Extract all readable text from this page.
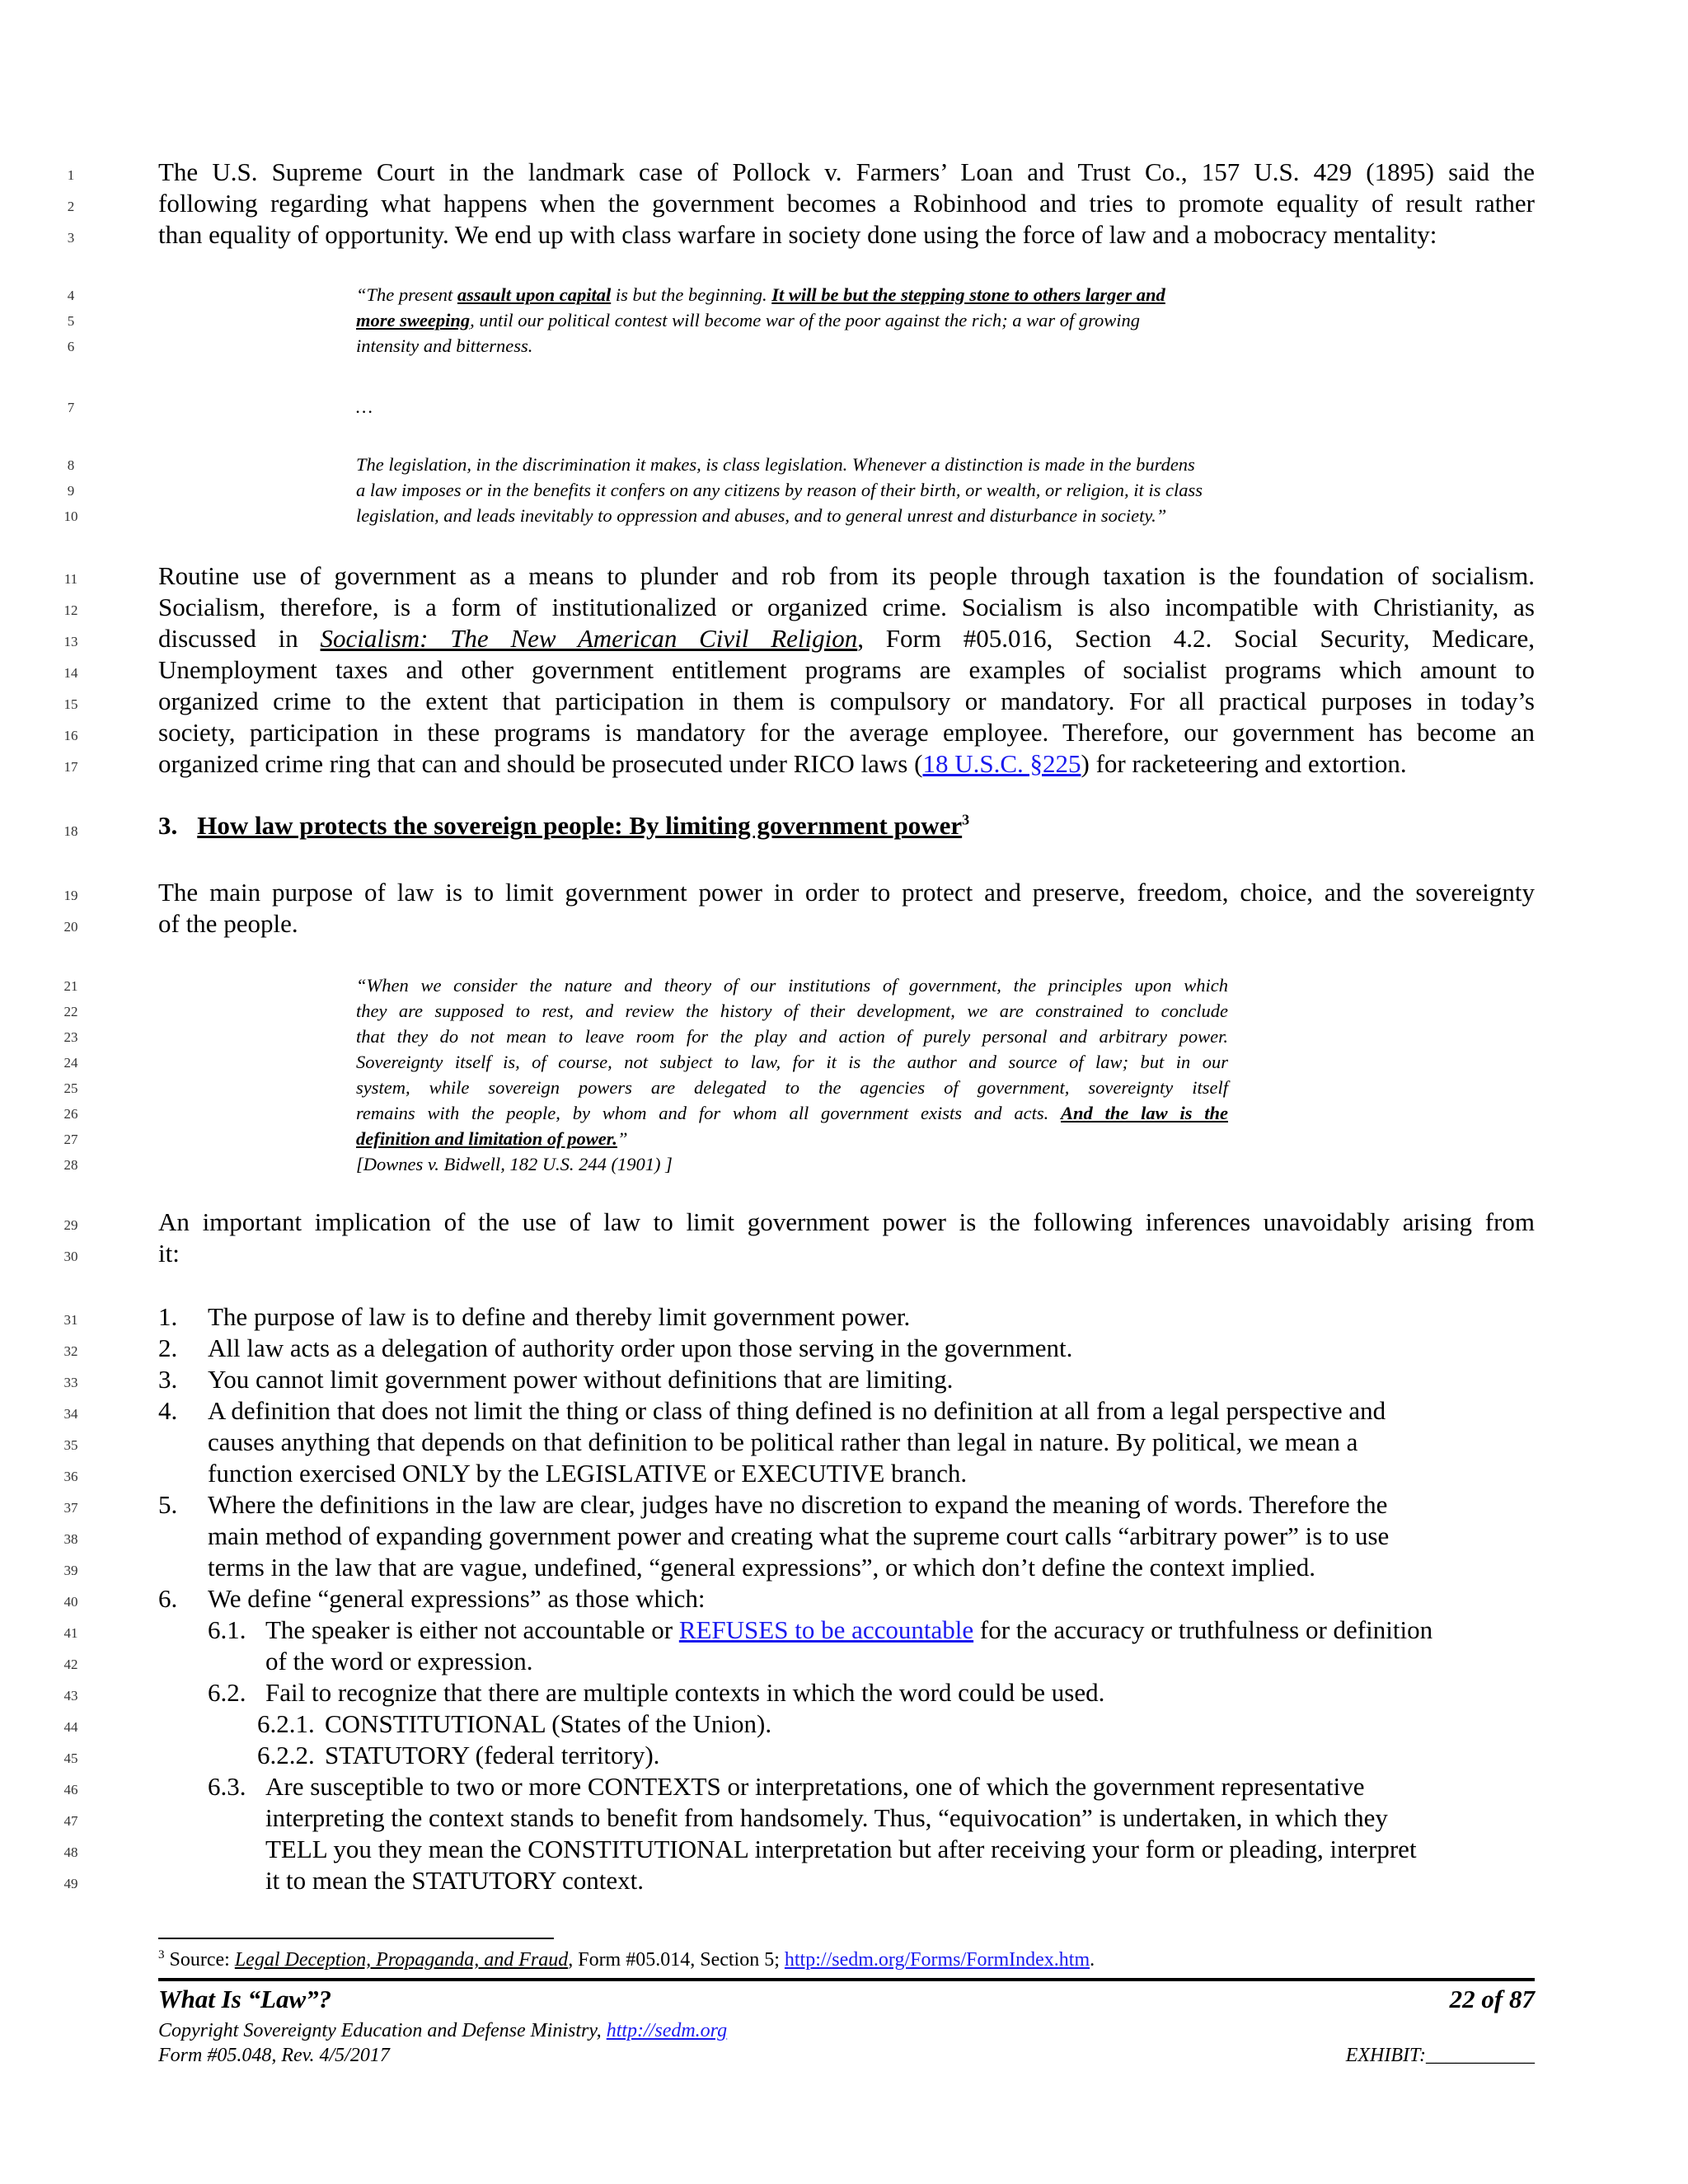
1
2
3
4
5
6
7
8
9
10
11
12
13
14
15
16
17
18
19
20
21
22
23
24
25
26
27
28
29
30
31
32
33
34
35
36
37
38
39
40
41
42
43
44
45
46
47
48
49
The U.S. Supreme Court in the landmark case of Pollock v. Farmers’ Loan and Trust Co., 157 U.S. 429 (1895) said the
following regarding what happens when the government becomes a Robinhood and tries to promote equality of result rather
than equality of opportunity. We end up with class warfare in society done using the force of law and a mobocracy mentality:
“The present assault upon capital is but the beginning. It will be but the stepping stone to others larger and
more sweeping, until our political contest will become war of the poor against the rich; a war of growing
intensity and bitterness.
…
The legislation, in the discrimination it makes, is class legislation. Whenever a distinction is made in the burdens
a law imposes or in the benefits it confers on any citizens by reason of their birth, or wealth, or religion, it is class
legislation, and leads inevitably to oppression and abuses, and to general unrest and disturbance in society.”
Routine use of government as a means to plunder and rob from its people through taxation is the foundation of socialism.
Socialism, therefore, is a form of institutionalized or organized crime. Socialism is also incompatible with Christianity, as
discussed in Socialism: The New American Civil Religion, Form #05.016, Section 4.2. Social Security, Medicare,
Unemployment taxes and other government entitlement programs are examples of socialist programs which amount to
organized crime to the extent that participation in them is compulsory or mandatory. For all practical purposes in today’s
society, participation in these programs is mandatory for the average employee. Therefore, our government has become an
organized crime ring that can and should be prosecuted under RICO laws (18 U.S.C. §225) for racketeering and extortion.
3. How law protects the sovereign people: By limiting government power$^3$
The main purpose of law is to limit government power in order to protect and preserve, freedom, choice, and the sovereignty
of the people.
“When we consider the nature and theory of our institutions of government, the principles upon which
they are supposed to rest, and review the history of their development, we are constrained to conclude
that they do not mean to leave room for the play and action of purely personal and arbitrary power.
Sovereignty itself is, of course, not subject to law, for it is the author and source of law; but in our
system, while sovereign powers are delegated to the agencies of government, sovereignty itself
remains with the people, by whom and for whom all government exists and acts. And the law is the
definition and limitation of power.”
[Downes v. Bidwell, 182 U.S. 244 (1901) ]
An important implication of the use of law to limit government power is the following inferences unavoidably arising from
it:
1. The purpose of law is to define and thereby limit government power.
2. All law acts as a delegation of authority order upon those serving in the government.
3. You cannot limit government power without definitions that are limiting.
4. A definition that does not limit the thing or class of thing defined is no definition at all from a legal perspective and
causes anything that depends on that definition to be political rather than legal in nature. By political, we mean a
function exercised ONLY by the LEGISLATIVE or EXECUTIVE branch.
5. Where the definitions in the law are clear, judges have no discretion to expand the meaning of words. Therefore the
main method of expanding government power and creating what the supreme court calls “arbitrary power” is to use
terms in the law that are vague, undefined, “general expressions”, or which don’t define the context implied.
6. We define “general expressions” as those which:
6.1. The speaker is either not accountable or REFUSES to be accountable for the accuracy or truthfulness or definition
of the word or expression.
6.2. Fail to recognize that there are multiple contexts in which the word could be used.
6.2.1. CONSTITUTIONAL (States of the Union).
6.2.2. STATUTORY (federal territory).
6.3. Are susceptible to two or more CONTEXTS or interpretations, one of which the government representative
interpreting the context stands to benefit from handsomely. Thus, “equivocation” is undertaken, in which they
TELL you they mean the CONSTITUTIONAL interpretation but after receiving your form or pleading, interpret
it to mean the STATUTORY context.
$^3$ Source: Legal Deception, Propaganda, and Fraud, Form #05.014, Section 5; http://sedm.org/Forms/FormIndex.htm.
What Is “Law”?	22 of 87
Copyright Sovereignty Education and Defense Ministry, http://sedm.org
Form #05.048, Rev. 4/5/2017	EXHIBIT:___________
